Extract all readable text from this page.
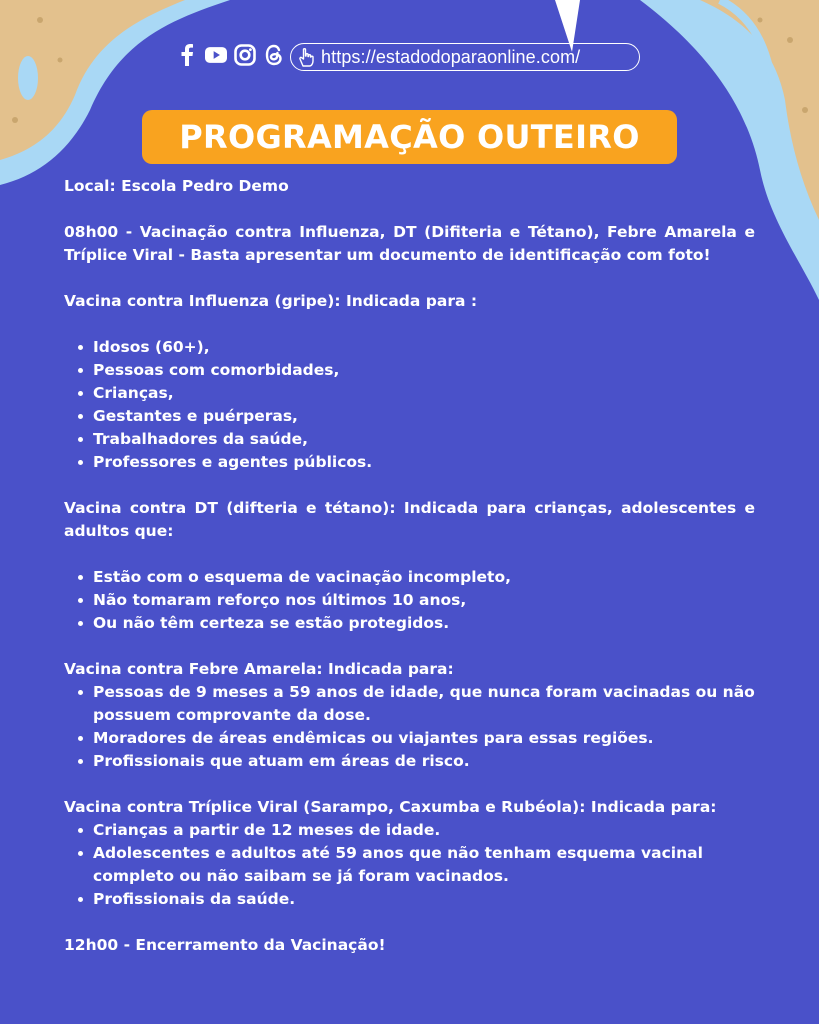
https://estadodoparaonline.com/
PROGRAMAÇÃO OUTEIRO

Local: Escola Pedro Demo

08h00 - Vacinação contra Influenza, DT (Difiteria e Tétano), Febre Amarela e Tríplice Viral - Basta apresentar um documento de identificação com foto!

Vacina contra Influenza (gripe): Indicada para :

Idosos (60+),
Pessoas com comorbidades,
Crianças,
Gestantes e puérperas,
Trabalhadores da saúde,
Professores e agentes públicos.

Vacina contra DT (difteria e tétano): Indicada para crianças, adolescentes e adultos que:

Estão com o esquema de vacinação incompleto,
Não tomaram reforço nos últimos 10 anos,
Ou não têm certeza se estão protegidos.

Vacina contra Febre Amarela: Indicada para:

Pessoas de 9 meses a 59 anos de idade, que nunca foram vacinadas ou não possuem comprovante da dose.
Moradores de áreas endêmicas ou viajantes para essas regiões.
Profissionais que atuam em áreas de risco.

Vacina contra Tríplice Viral (Sarampo, Caxumba e Rubéola): Indicada para:

Crianças a partir de 12 meses de idade.
Adolescentes e adultos até 59 anos que não tenham esquema vacinal completo ou não saibam se já foram vacinados.
Profissionais da saúde.

12h00 - Encerramento da Vacinação!
